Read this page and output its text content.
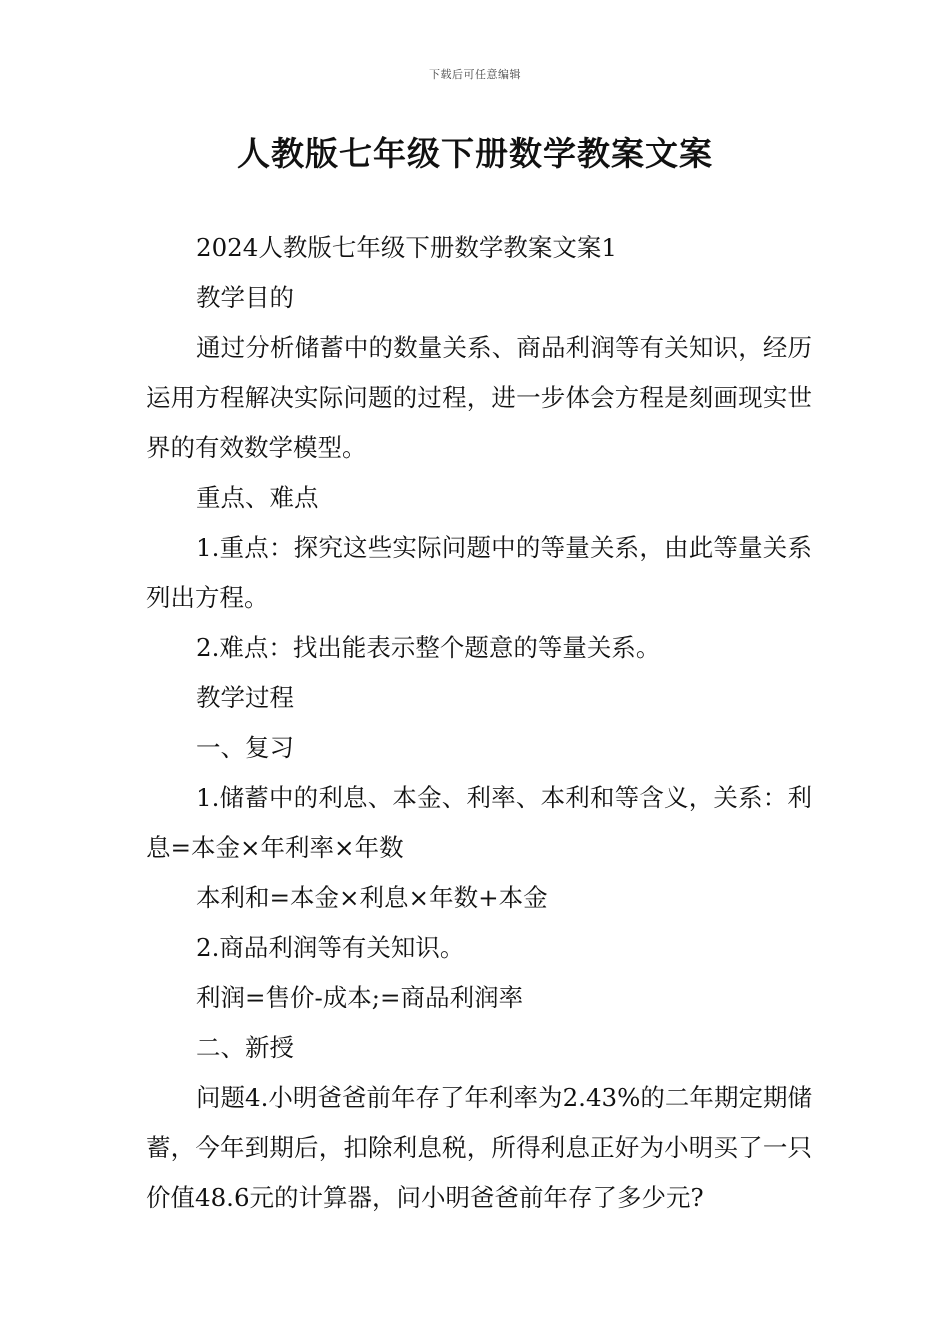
下载后可任意编辑
人教版七年级下册数学教案文案

2024人教版七年级下册数学教案文案1

教学目的

通过分析储蓄中的数量关系、商品利润等有关知识，经历运用方程解决实际问题的过程，进一步体会方程是刻画现实世界的有效数学模型。

重点、难点

1.重点：探究这些实际问题中的等量关系，由此等量关系列出方程。

2.难点：找出能表示整个题意的等量关系。

教学过程

一、复习

1.储蓄中的利息、本金、利率、本利和等含义，关系：利息=本金×年利率×年数

本利和=本金×利息×年数+本金

2.商品利润等有关知识。

利润=售价-成本;=商品利润率

二、新授

问题4.小明爸爸前年存了年利率为2.43%的二年期定期储蓄，今年到期后，扣除利息税，所得利息正好为小明买了一只价值48.6元的计算器，问小明爸爸前年存了多少元?
